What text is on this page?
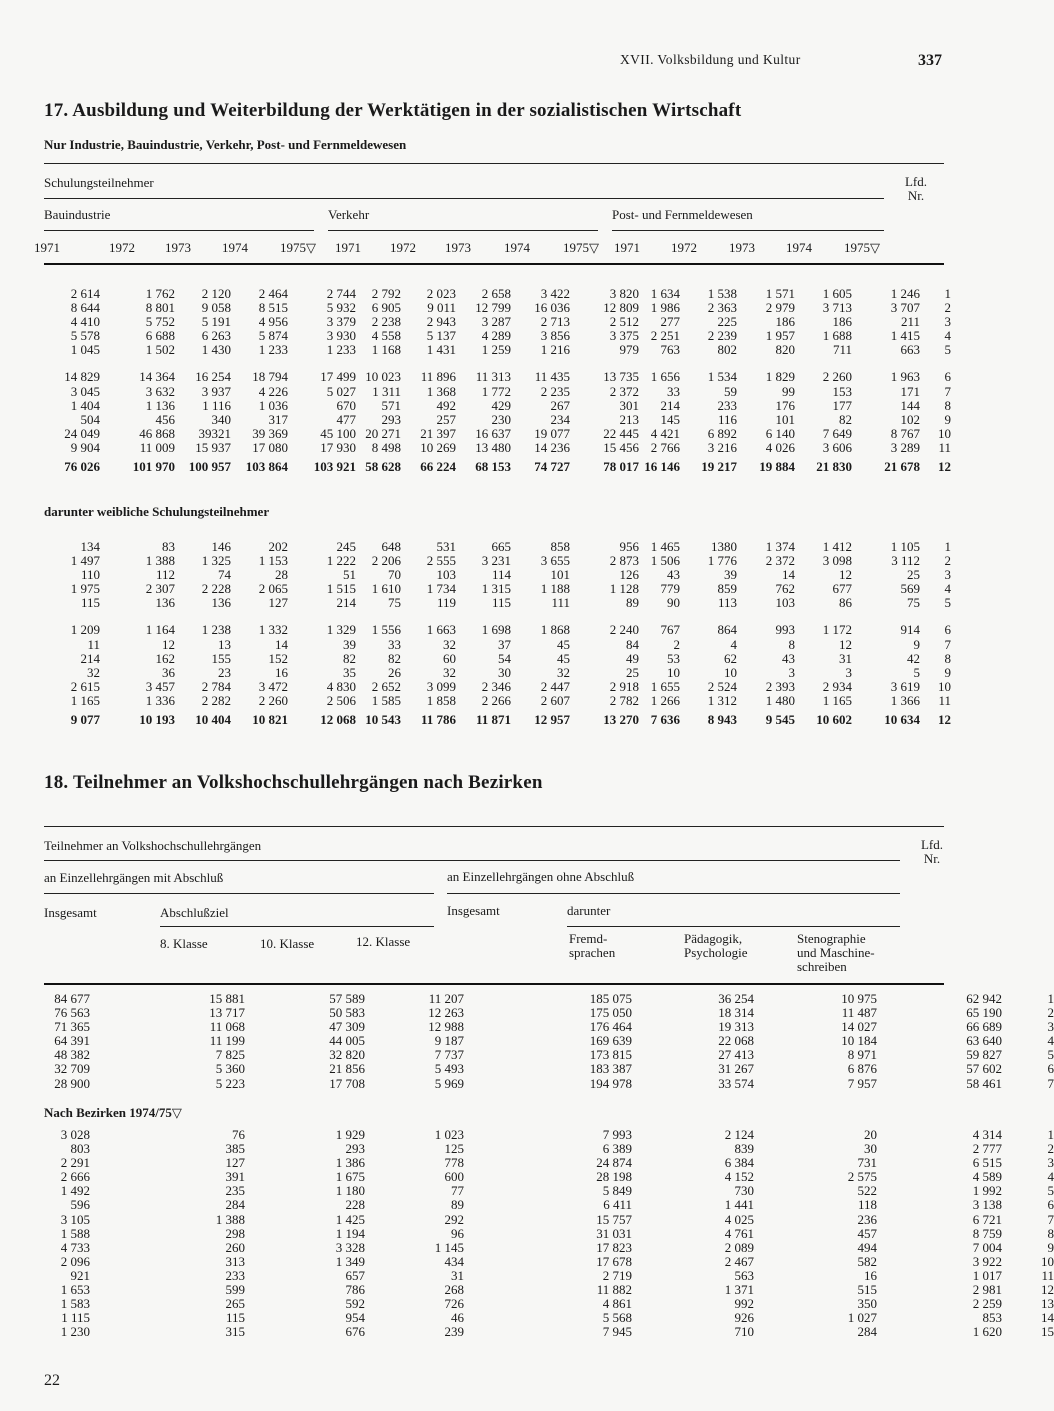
XVII. Volksbildung und Kultur	337
17. Ausbildung und Weiterbildung der Werktätigen in der sozialistischen Wirtschaft
Nur Industrie, Bauindustrie, Verkehr, Post- und Fernmeldewesen
Schulungsteilnehmer	Lfd.
Nr.
Bauindustrie	Verkehr	Post- und Fernmeldewesen
1971	1972	1973	1974	1975▽	1971	1972	1973	1974	1975▽	1971	1972	1973	1974	1975▽
2 614	1 762	2 120	2 464	2 744	2 792	2 023	2 658	3 422	3 820	1 634	1 538	1 571	1 605	1 246	1
8 644	8 801	9 058	8 515	5 932	6 905	9 011	12 799	16 036	12 809	1 986	2 363	2 979	3 713	3 707	2
4 410	5 752	5 191	4 956	3 379	2 238	2 943	3 287	2 713	2 512	277	225	186	186	211	3
5 578	6 688	6 263	5 874	3 930	4 558	5 137	4 289	3 856	3 375	2 251	2 239	1 957	1 688	1 415	4
1 045	1 502	1 430	1 233	1 233	1 168	1 431	1 259	1 216	979	763	802	820	711	663	5

14 829	14 364	16 254	18 794	17 499	10 023	11 896	11 313	11 435	13 735	1 656	1 534	1 829	2 260	1 963	6
3 045	3 632	3 937	4 226	5 027	1 311	1 368	1 772	2 235	2 372	33	59	99	153	171	7
1 404	1 136	1 116	1 036	670	571	492	429	267	301	214	233	176	177	144	8
504	456	340	317	477	293	257	230	234	213	145	116	101	82	102	9
24 049	46 868	39321	39 369	45 100	20 271	21 397	16 637	19 077	22 445	4 421	6 892	6 140	7 649	8 767	10
9 904	11 009	15 937	17 080	17 930	8 498	10 269	13 480	14 236	15 456	2 766	3 216	4 026	3 606	3 289	11
76 026	101 970	100 957	103 864	103 921	58 628	66 224	68 153	74 727	78 017	16 146	19 217	19 884	21 830	21 678	12
darunter weibliche Schulungsteilnehmer
134	83	146	202	245	648	531	665	858	956	1 465	1380	1 374	1 412	1 105	1
1 497	1 388	1 325	1 153	1 222	2 206	2 555	3 231	3 655	2 873	1 506	1 776	2 372	3 098	3 112	2
110	112	74	28	51	70	103	114	101	126	43	39	14	12	25	3
1 975	2 307	2 228	2 065	1 515	1 610	1 734	1 315	1 188	1 128	779	859	762	677	569	4
115	136	136	127	214	75	119	115	111	89	90	113	103	86	75	5

1 209	1 164	1 238	1 332	1 329	1 556	1 663	1 698	1 868	2 240	767	864	993	1 172	914	6
11	12	13	14	39	33	32	37	45	84	2	4	8	12	9	7
214	162	155	152	82	82	60	54	45	49	53	62	43	31	42	8
32	36	23	16	35	26	32	30	32	25	10	10	3	3	5	9
2 615	3 457	2 784	3 472	4 830	2 652	3 099	2 346	2 447	2 918	1 655	2 524	2 393	2 934	3 619	10
1 165	1 336	2 282	2 260	2 506	1 585	1 858	2 266	2 607	2 782	1 266	1 312	1 480	1 165	1 366	11
9 077	10 193	10 404	10 821	12 068	10 543	11 786	11 871	12 957	13 270	7 636	8 943	9 545	10 602	10 634	12
18. Teilnehmer an Volkshochschullehrgängen nach Bezirken
Teilnehmer an Volkshochschullehrgängen	Lfd.
Nr.
an Einzellehrgängen mit Abschluß	an Einzellehrgängen ohne Abschluß
Insgesamt	Abschlußziel	Insgesamt	darunter
8. Klasse	10. Klasse	12. Klasse	Fremd-
sprachen
Pädagogik,
Psychologie
Stenographie
und Maschine-
schreiben
84 677	15 881	57 589	11 207	185 075	36 254	10 975	62 942	1
76 563	13 717	50 583	12 263	175 050	18 314	11 487	65 190	2
71 365	11 068	47 309	12 988	176 464	19 313	14 027	66 689	3
64 391	11 199	44 005	9 187	169 639	22 068	10 184	63 640	4
48 382	7 825	32 820	7 737	173 815	27 413	8 971	59 827	5
32 709	5 360	21 856	5 493	183 387	31 267	6 876	57 602	6
28 900	5 223	17 708	5 969	194 978	33 574	7 957	58 461	7
Nach Bezirken 1974/75▽
3 028	76	1 929	1 023	7 993	2 124	20	4 314	1
803	385	293	125	6 389	839	30	2 777	2
2 291	127	1 386	778	24 874	6 384	731	6 515	3
2 666	391	1 675	600	28 198	4 152	2 575	4 589	4
1 492	235	1 180	77	5 849	730	522	1 992	5
596	284	228	89	6 411	1 441	118	3 138	6
3 105	1 388	1 425	292	15 757	4 025	236	6 721	7
1 588	298	1 194	96	31 031	4 761	457	8 759	8
4 733	260	3 328	1 145	17 823	2 089	494	7 004	9
2 096	313	1 349	434	17 678	2 467	582	3 922	10
921	233	657	31	2 719	563	16	1 017	11
1 653	599	786	268	11 882	1 371	515	2 981	12
1 583	265	592	726	4 861	992	350	2 259	13
1 115	115	954	46	5 568	926	1 027	853	14
1 230	315	676	239	7 945	710	284	1 620	15
22
